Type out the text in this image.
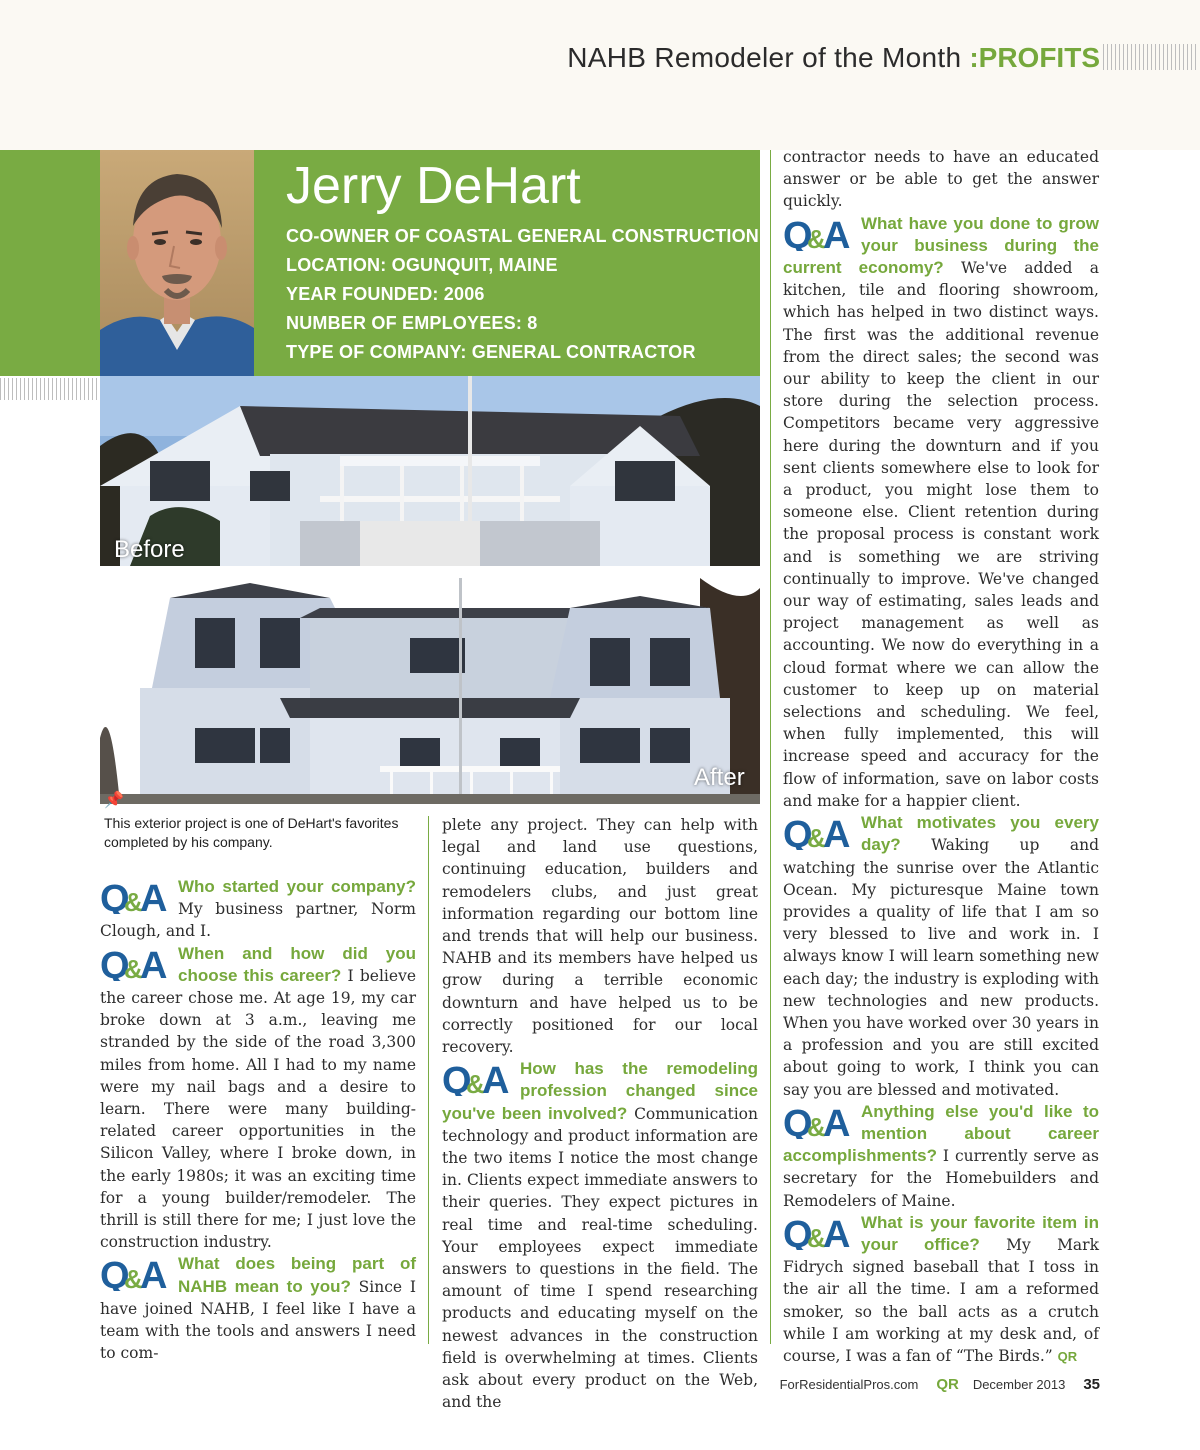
NAHB Remodeler of the Month :PROFITS
Jerry DeHart
CO-OWNER OF COASTAL GENERAL CONSTRUCTION
LOCATION: OGUNQUIT, MAINE
YEAR FOUNDED: 2006
NUMBER OF EMPLOYEES: 8
TYPE OF COMPANY: GENERAL CONTRACTOR
Before
After
📌
This exterior project is one of DeHart's favorites completed by his company.

Q
&
A Who started your company? My business partner, Norm Clough, and I.

Q
&
A When and how did you choose this career? I believe the career chose me. At age 19, my car broke down at 3 a.m., leaving me stranded by the side of the road 3,300 miles from home. All I had to my name were my nail bags and a desire to learn. There were many building-related career opportunities in the Silicon Valley, where I broke down, in the early 1980s; it was an exciting time for a young builder/remodeler. The thrill is still there for me; I just love the construction industry.

Q
&
A What does being part of NAHB mean to you? Since I have joined NAHB, I feel like I have a team with the tools and answers I need to com-

plete any project. They can help with legal and land use questions, continuing education, builders and remodelers clubs, and just great information regarding our bottom line and trends that will help our business. NAHB and its members have helped us grow during a terrible economic downturn and have helped us to be correctly positioned for our local recovery.

Q
&
A How has the remodeling profession changed since you've been involved? Communication technology and product information are the two items I notice the most change in. Clients expect immediate answers to their queries. They expect pictures in real time and real-time scheduling. Your employees expect immediate answers to questions in the field. The amount of time I spend researching products and educating myself on the newest advances in the construction field is overwhelming at times. Clients ask about every product on the Web, and the

contractor needs to have an educated answer or be able to get the answer quickly.

Q
&
A What have you done to grow your business during the current economy? We've added a kitchen, tile and flooring showroom, which has helped in two distinct ways. The first was the additional revenue from the direct sales; the second was our ability to keep the client in our store during the selection process. Competitors became very aggressive here during the downturn and if you sent clients somewhere else to look for a product, you might lose them to someone else. Client retention during the proposal process is constant work and is something we are striving continually to improve. We've changed our way of estimating, sales leads and project management as well as accounting. We now do everything in a cloud format where we can allow the customer to keep up on material selections and scheduling. We feel, when fully implemented, this will increase speed and accuracy for the flow of information, save on labor costs and make for a happier client.

Q
&
A What motivates you every day? Waking up and watching the sunrise over the Atlantic Ocean. My picturesque Maine town provides a quality of life that I am so very blessed to live and work in. I always know I will learn something new each day; the industry is exploding with new technologies and new products. When you have worked over 30 years in a profession and you are still excited about going to work, I think you can say you are blessed and motivated.

Q
&
A Anything else you'd like to mention about career accomplishments? I currently serve as secretary for the Homebuilders and Remodelers of Maine.

Q
&
A What is your favorite item in your office? My Mark Fidrych signed baseball that I toss in the air all the time. I am a reformed smoker, so the ball acts as a crutch while I am working at my desk and, of course, I was a fan of “The Birds.” QR

ForResidentialPros.com QR December 2013 35
